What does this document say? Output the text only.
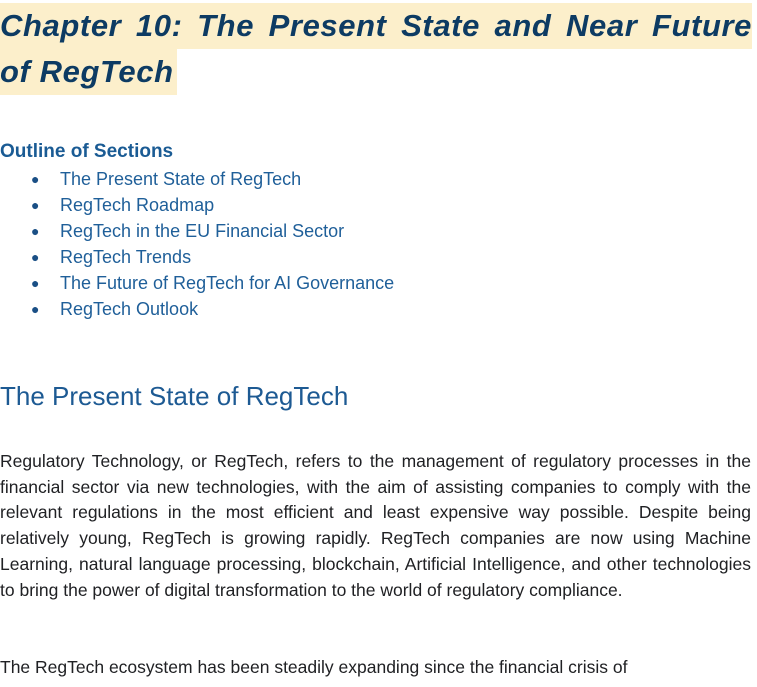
Chapter 10: The Present State and Near Future
of RegTech
Outline of Sections
● The Present State of RegTech
● RegTech Roadmap
● RegTech in the EU Financial Sector
● RegTech Trends
● The Future of RegTech for AI Governance
● RegTech Outlook
The Present State of RegTech

Regulatory Technology, or RegTech, refers to the management of regulatory processes in the financial sector via new technologies, with the aim of assisting companies to comply with the relevant regulations in the most efficient and least expensive way possible. Despite being relatively young, RegTech is growing rapidly. RegTech companies are now using Machine Learning, natural language processing, blockchain, Artificial Intelligence, and other technologies to bring the power of digital transformation to the world of regulatory compliance.

The RegTech ecosystem has been steadily expanding since the financial crisis of
